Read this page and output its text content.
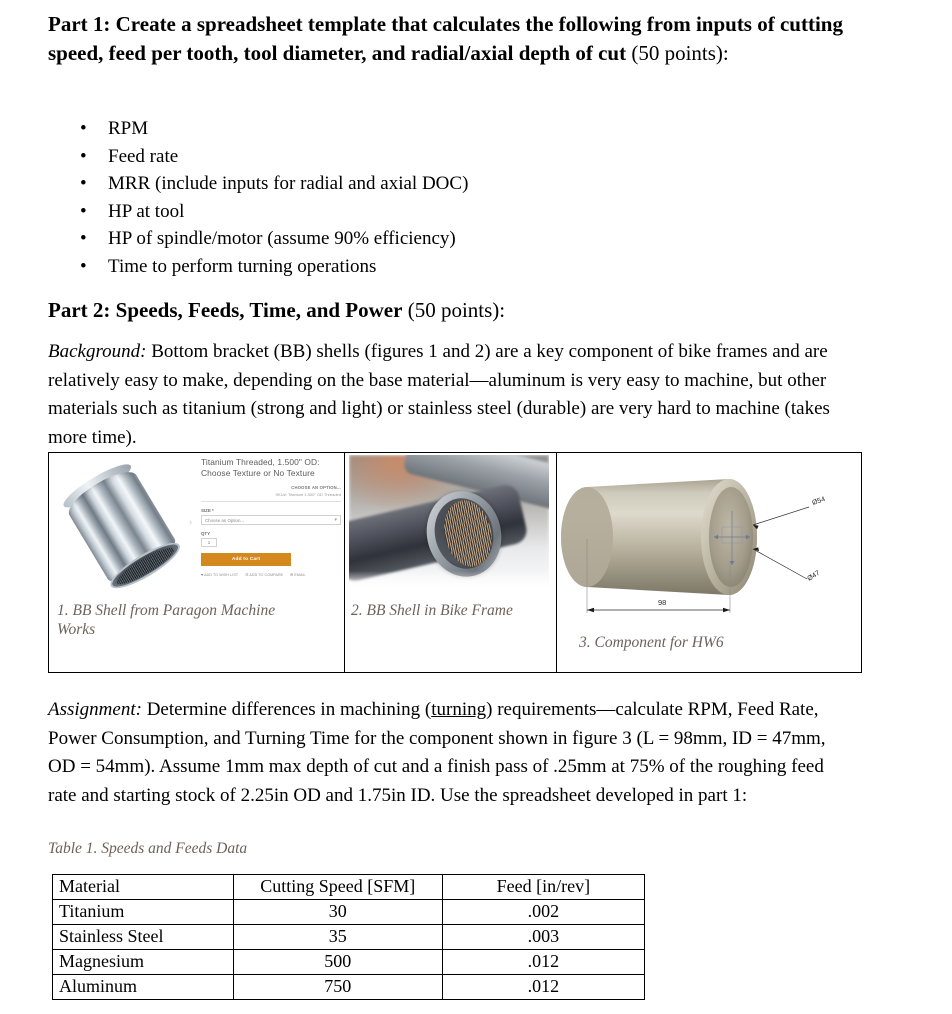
Part 1: Create a spreadsheet template that calculates the following from inputs of cutting speed, feed per tooth, tool diameter, and radial/axial depth of cut (50 points):
• RPM
• Feed rate
• MRR (include inputs for radial and axial DOC)
• HP at tool
• HP of spindle/motor (assume 90% efficiency)
• Time to perform turning operations
Part 2: Speeds, Feeds, Time, and Power (50 points):

Background: Bottom bracket (BB) shells (figures 1 and 2) are a key component of bike frames and are relatively easy to make, depending on the base material—aluminum is very easy to machine, but other materials such as titanium (strong and light) or stainless steel (durable) are very hard to machine (takes more time).

›
Titanium Threaded, 1.500" OD: Choose Texture or No Texture
CHOOSE AN OPTION...
SKU#: Titanium 1.500" OD Threaded
SIZE *
Choose an Option...	▾
QTY
1
Add to Cart
♥ ADD TO WISH LIST ☷ ADD TO COMPARE ✉ EMAIL
1. BB Shell from Paragon Machine Works
2. BB Shell in Bike Frame
Ø54
Ø47
98
3. Component for HW6

Assignment: Determine differences in machining (turning) requirements—calculate RPM, Feed Rate, Power Consumption, and Turning Time for the component shown in figure 3 (L = 98mm, ID = 47mm, OD = 54mm). Assume 1mm max depth of cut and a finish pass of .25mm at 75% of the roughing feed rate and starting stock of 2.25in OD and 1.75in ID. Use the spreadsheet developed in part 1:

Table 1. Speeds and Feeds Data
Material	Cutting Speed [SFM]	Feed [in/rev]
Titanium	30	.002
Stainless Steel	35	.003
Magnesium	500	.012
Aluminum	750	.012
